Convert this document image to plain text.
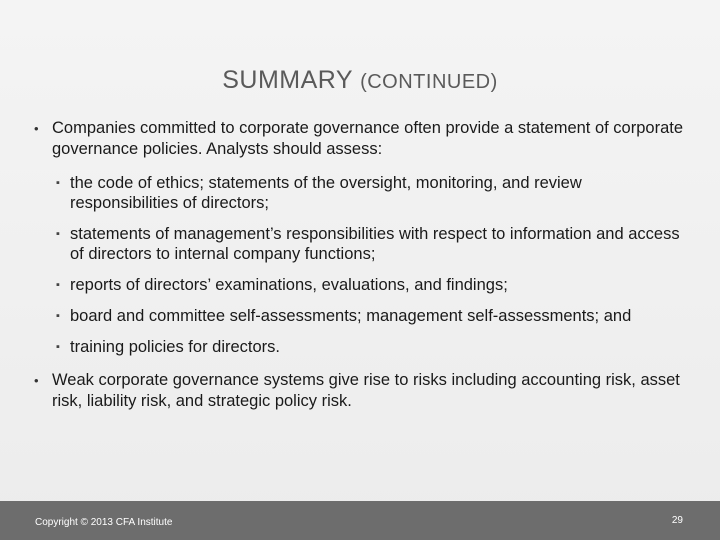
SUMMARY (CONTINUED)
• Companies committed to corporate governance often provide a statement of corporate governance policies. Analysts should assess:
▪ the code of ethics; statements of the oversight, monitoring, and review responsibilities of directors;
▪ statements of management’s responsibilities with respect to information and access of directors to internal company functions;
▪ reports of directors’ examinations, evaluations, and findings;
▪ board and committee self-assessments; management self-assessments; and
▪ training policies for directors.
• Weak corporate governance systems give rise to risks including accounting risk, asset risk, liability risk, and strategic policy risk.
Copyright © 2013 CFA Institute	29
